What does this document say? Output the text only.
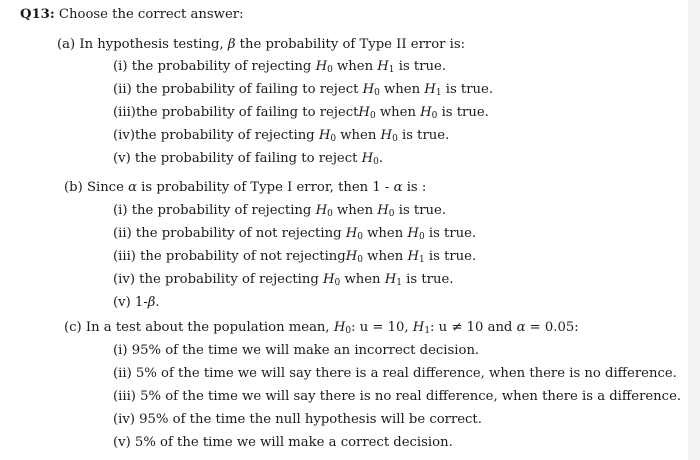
Q13: Choose the correct answer:
(a) In hypothesis testing, β the probability of Type II error is:
(i) the probability of rejecting $H_0$ when $H_1$ is true.
(ii) the probability of failing to reject $H_0$ when $H_1$ is true.
(iii)the probability of failing to rejectH$_0$ when $H_0$ is true.
(iv)the probability of rejecting $H_0$ when $H_0$ is true.
(v) the probability of failing to reject $H_0$.
(b) Since α is probability of Type I error, then 1 - α is :
(i) the probability of rejecting $H_0$ when $H_0$ is true.
(ii) the probability of not rejecting $H_0$ when $H_0$ is true.
(iii) the probability of not rejectingH$_0$ when $H_1$ is true.
(iv) the probability of rejecting $H_0$ when $H_1$ is true.
(v) 1-β.
(c) In a test about the population mean, $H_0$: u = 10, $H_1$: u ≠ 10 and α = 0.05:
(i) 95% of the time we will make an incorrect decision.
(ii) 5% of the time we will say there is a real difference, when there is no difference.
(iii) 5% of the time we will say there is no real difference, when there is a difference.
(iv) 95% of the time the null hypothesis will be correct.
(v) 5% of the time we will make a correct decision.
